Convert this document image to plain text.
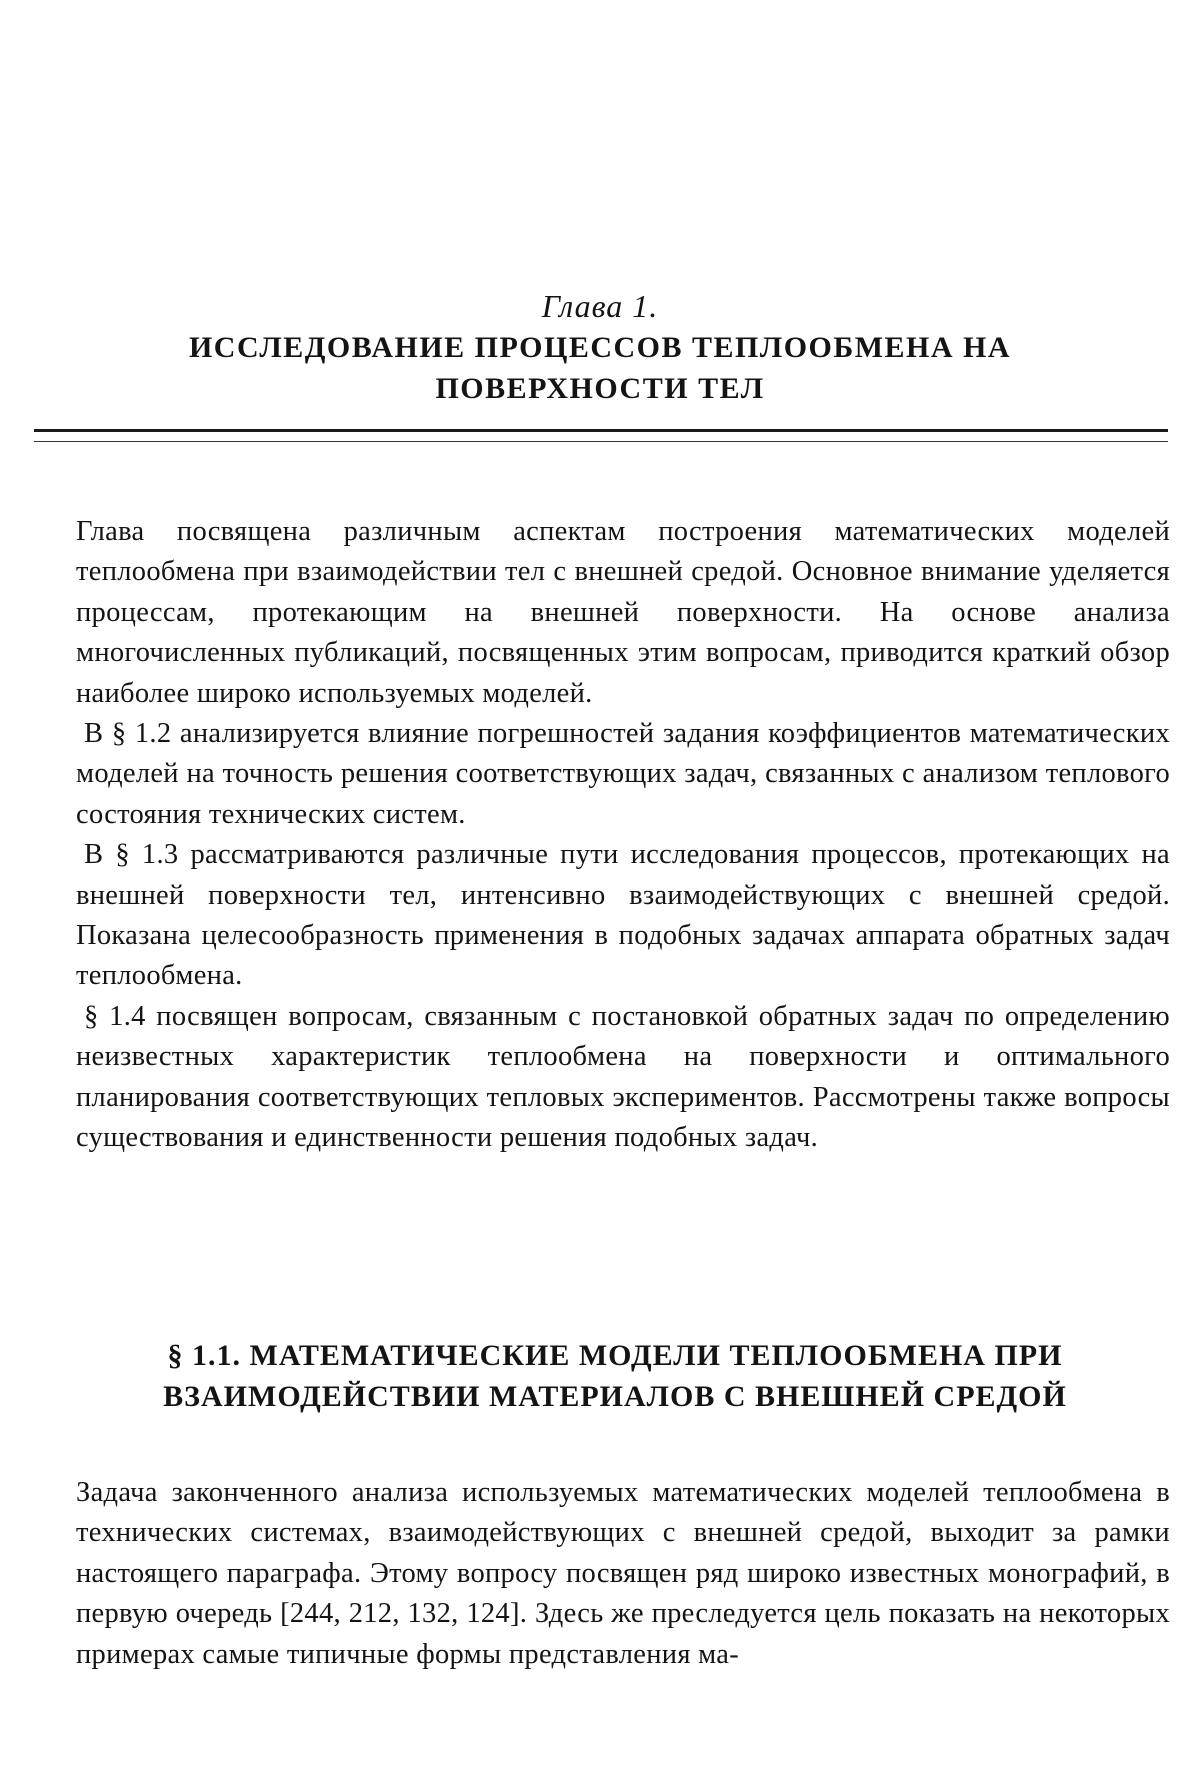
Глава 1.
ИССЛЕДОВАНИЕ ПРОЦЕССОВ ТЕПЛООБМЕНА НА ПОВЕРХНОСТИ ТЕЛ

Глава посвящена различным аспектам построения математических моделей теплообмена при взаимодействии тел с внешней средой. Основное внимание уделяется процессам, протекающим на внешней поверхности. На основе анализа многочисленных публикаций, посвященных этим вопросам, приводится краткий обзор наиболее широко используемых моделей.

В § 1.2 анализируется влияние погрешностей задания коэффициентов математических моделей на точность решения соответствующих задач, связанных с анализом теплового состояния технических систем.

В § 1.3 рассматриваются различные пути исследования процессов, протекающих на внешней поверхности тел, интенсивно взаимодействующих с внешней средой. Показана целесообразность применения в подобных задачах аппарата обратных задач теплообмена.

§ 1.4 посвящен вопросам, связанным с постановкой обратных задач по определению неизвестных характеристик теплообмена на поверхности и оптимального планирования соответствующих тепловых экспериментов. Рассмотрены также вопросы существования и единственности решения подобных задач.

§ 1.1. МАТЕМАТИЧЕСКИЕ МОДЕЛИ ТЕПЛООБМЕНА ПРИ ВЗАИМОДЕЙСТВИИ МАТЕРИАЛОВ С ВНЕШНЕЙ СРЕДОЙ

Задача законченного анализа используемых математических моделей теплообмена в технических системах, взаимодействующих с внешней средой, выходит за рамки настоящего параграфа. Этому вопросу посвящен ряд широко известных монографий, в первую очередь [244, 212, 132, 124]. Здесь же преследуется цель показать на некоторых примерах самые типичные формы представления ма-
